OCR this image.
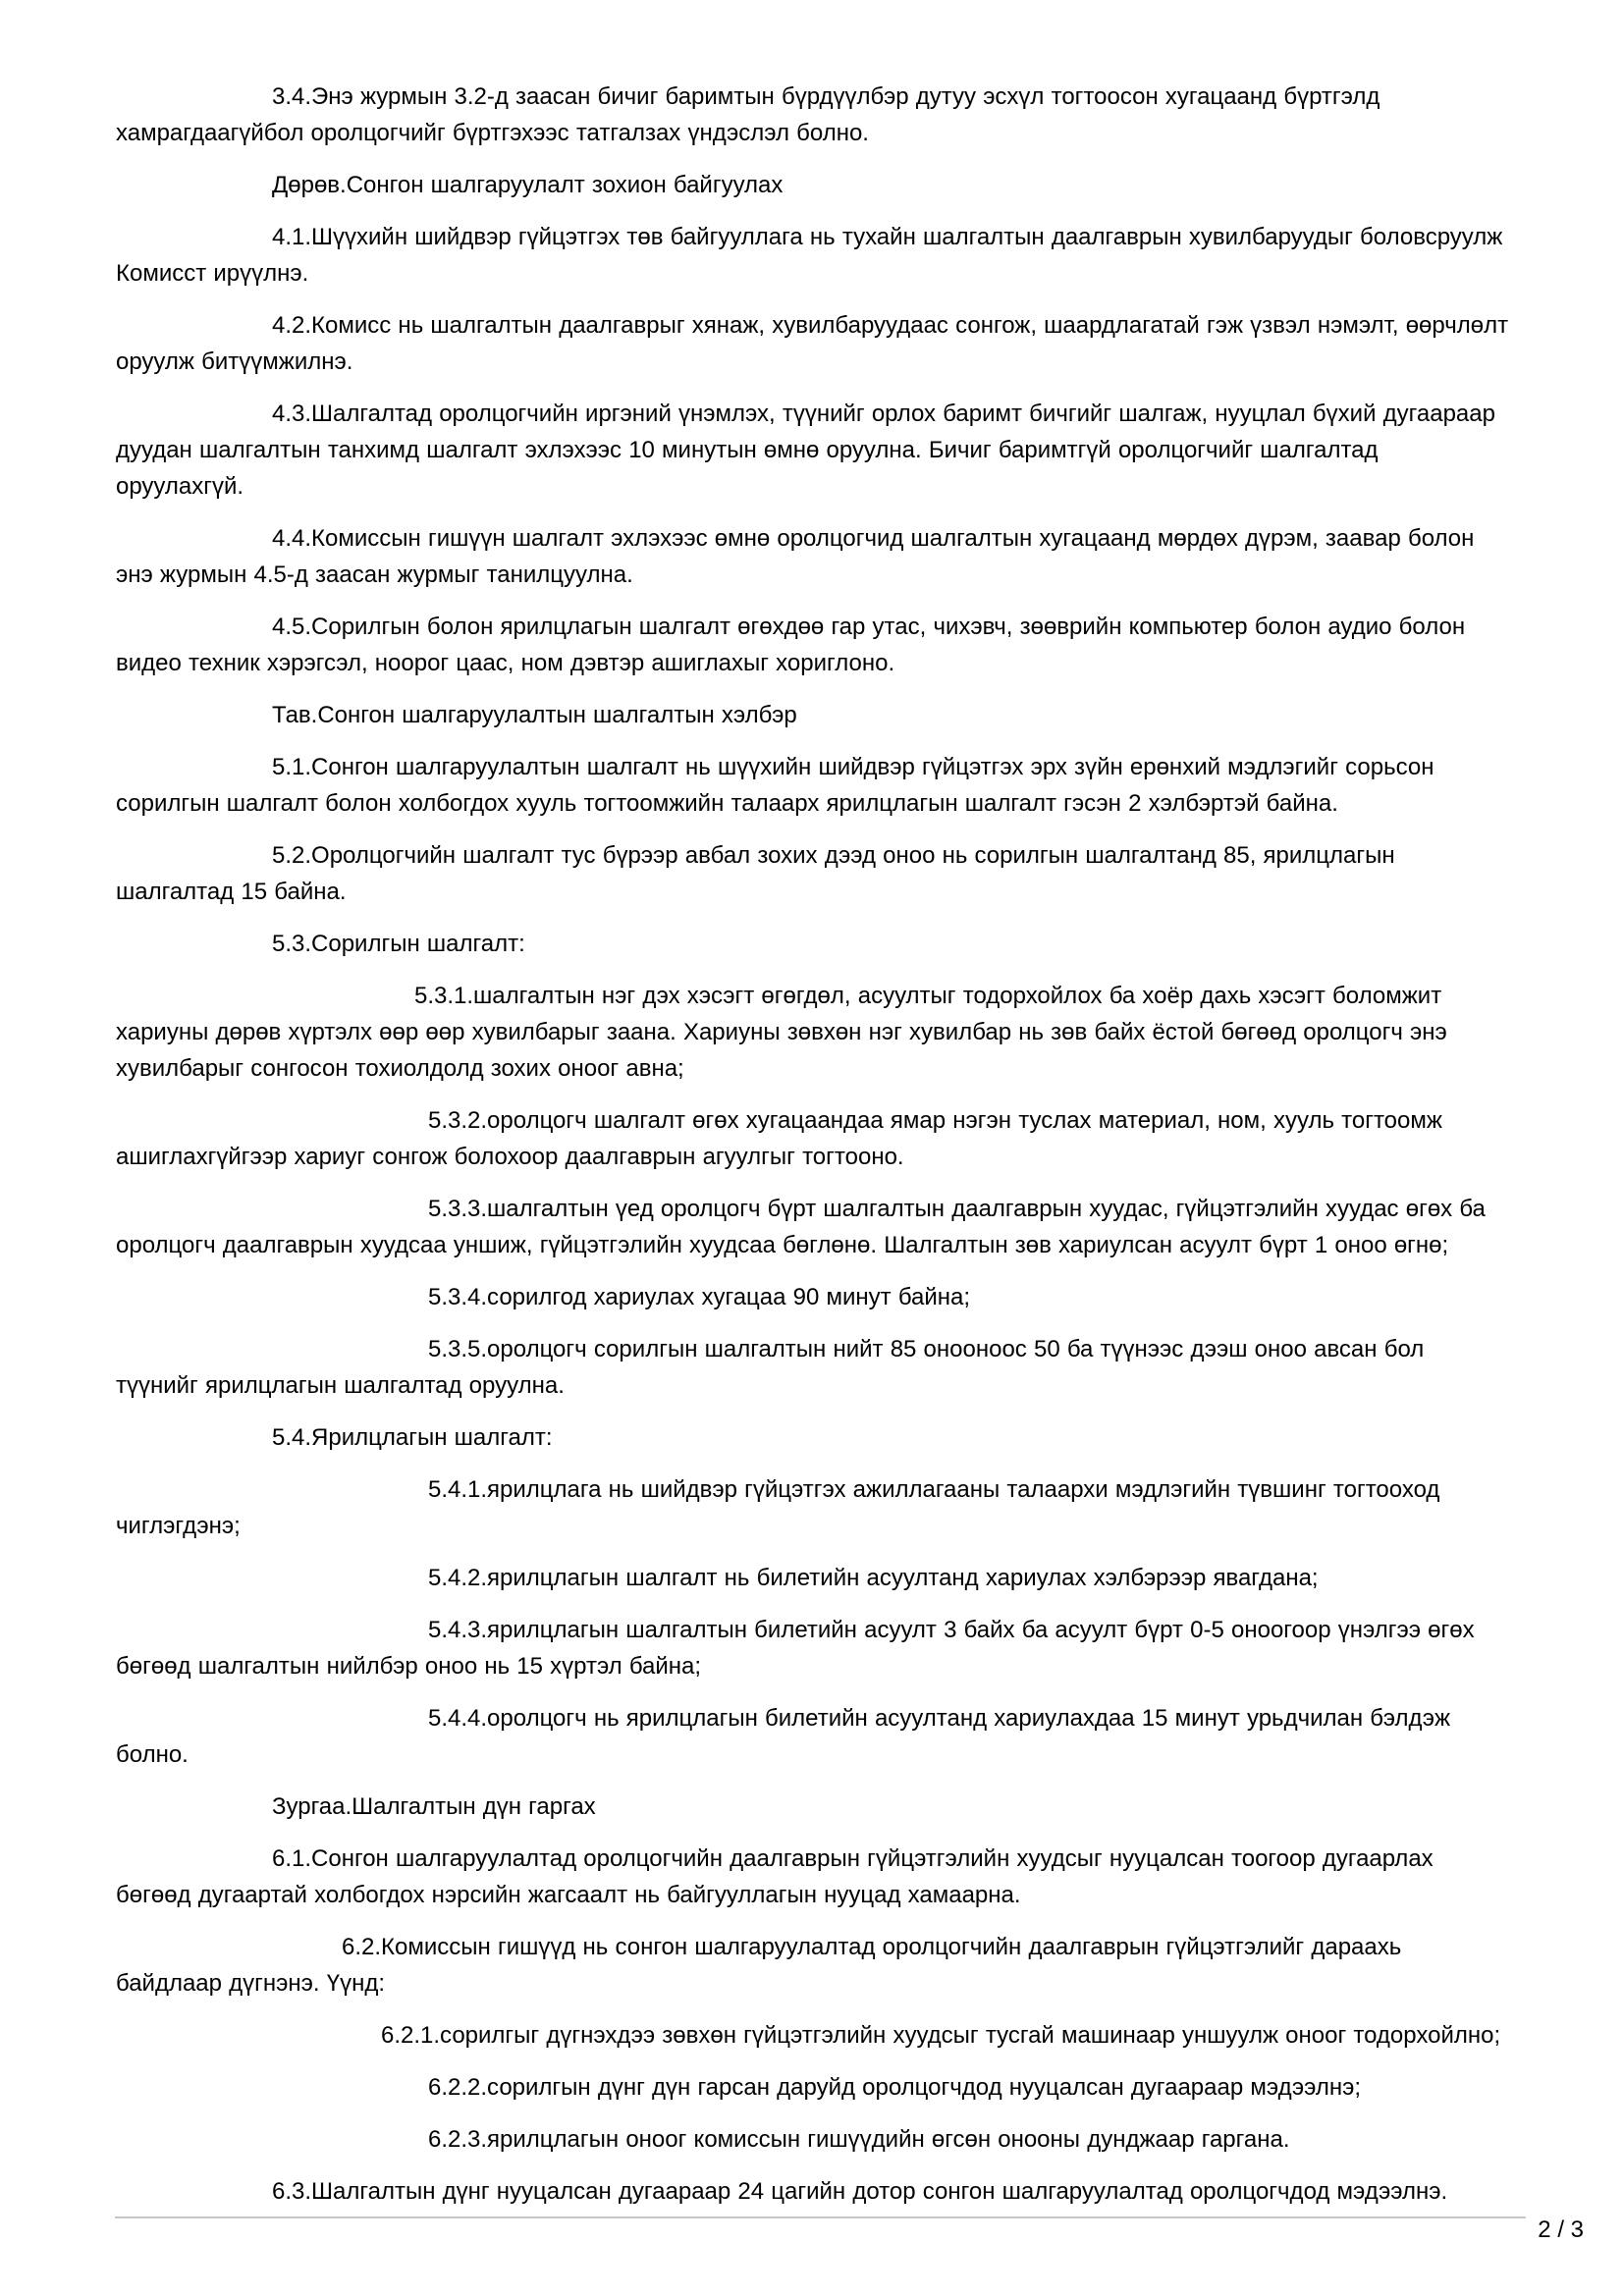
3.4.Энэ журмын 3.2-д заасан бичиг баримтын бүрдүүлбэр дутуу эсхүл тогтоосон хугацаанд бүртгэлд хамрагдаагүйбол оролцогчийг бүртгэхээс татгалзах үндэслэл болно.

Дөрөв.Сонгон шалгаруулалт зохион байгуулах

4.1.Шүүхийн шийдвэр гүйцэтгэх төв байгууллага нь тухайн шалгалтын даалгаврын хувилбаруудыг боловсруулж Комисст ирүүлнэ.

4.2.Комисс нь шалгалтын даалгаврыг хянаж, хувилбаруудаас сонгож, шаардлагатай гэж үзвэл нэмэлт, өөрчлөлт оруулж битүүмжилнэ.

4.3.Шалгалтад оролцогчийн иргэний үнэмлэх, түүнийг орлох баримт бичгийг шалгаж, нууцлал бүхий дугаараар дуудан шалгалтын танхимд шалгалт эхлэхээс 10 минутын өмнө оруулна. Бичиг баримтгүй оролцогчийг шалгалтад оруулахгүй.

4.4.Комиссын гишүүн шалгалт эхлэхээс өмнө оролцогчид шалгалтын хугацаанд мөрдөх дүрэм, заавар болон энэ журмын 4.5-д заасан журмыг танилцуулна.

4.5.Сорилгын болон ярилцлагын шалгалт өгөхдөө гар утас, чихэвч, зөөврийн компьютер болон аудио болон видео техник хэрэгсэл, ноорог цаас, ном дэвтэр ашиглахыг хориглоно.

Тав.Сонгон шалгаруулалтын шалгалтын хэлбэр

5.1.Сонгон шалгаруулалтын шалгалт нь шүүхийн шийдвэр гүйцэтгэх эрх зүйн ерөнхий мэдлэгийг сорьсон сорилгын шалгалт болон холбогдох хууль тогтоомжийн талаарх ярилцлагын шалгалт гэсэн 2 хэлбэртэй байна.

5.2.Оролцогчийн шалгалт тус бүрээр авбал зохих дээд оноо нь сорилгын шалгалтанд 85, ярилцлагын шалгалтад 15 байна.

5.3.Сорилгын шалгалт:

5.3.1.шалгалтын нэг дэх хэсэгт өгөгдөл, асуултыг тодорхойлох ба хоёр дахь хэсэгт боломжит хариуны дөрөв хүртэлх өөр өөр хувилбарыг заана. Хариуны зөвхөн нэг хувилбар нь зөв байх ёстой бөгөөд оролцогч энэ хувилбарыг сонгосон тохиолдолд зохих оноог авна;

5.3.2.оролцогч шалгалт өгөх хугацаандаа ямар нэгэн туслах материал, ном, хууль тогтоомж ашиглахгүйгээр хариуг сонгож болохоор даалгаврын агуулгыг тогтооно.

5.3.3.шалгалтын үед оролцогч бүрт шалгалтын даалгаврын хуудас, гүйцэтгэлийн хуудас өгөх ба оролцогч даалгаврын хуудсаа уншиж, гүйцэтгэлийн хуудсаа бөглөнө. Шалгалтын зөв хариулсан асуулт бүрт 1 оноо өгнө;

5.3.4.сорилгод хариулах хугацаа 90 минут байна;

5.3.5.оролцогч сорилгын шалгалтын нийт 85 онооноос 50 ба түүнээс дээш оноо авсан бол түүнийг ярилцлагын шалгалтад оруулна.

5.4.Ярилцлагын шалгалт:

5.4.1.ярилцлага нь шийдвэр гүйцэтгэх ажиллагааны талаархи мэдлэгийн түвшинг тогтооход чиглэгдэнэ;

5.4.2.ярилцлагын шалгалт нь билетийн асуултанд хариулах хэлбэрээр явагдана;

5.4.3.ярилцлагын шалгалтын билетийн асуулт 3 байх ба асуулт бүрт 0-5 оноогоор үнэлгээ өгөх бөгөөд шалгалтын нийлбэр оноо нь 15 хүртэл байна;

5.4.4.оролцогч нь ярилцлагын билетийн асуултанд хариулахдаа 15 минут урьдчилан бэлдэж болно.

Зургаа.Шалгалтын дүн гаргах

6.1.Сонгон шалгаруулалтад оролцогчийн даалгаврын гүйцэтгэлийн хуудсыг нууцалсан тоогоор дугаарлах бөгөөд дугаартай холбогдох нэрсийн жагсаалт нь байгууллагын нууцад хамаарна.

6.2.Комиссын гишүүд нь сонгон шалгаруулалтад оролцогчийн даалгаврын гүйцэтгэлийг дараахь байдлаар дүгнэнэ. Үүнд:

6.2.1.сорилгыг дүгнэхдээ зөвхөн гүйцэтгэлийн хуудсыг тусгай машинаар уншуулж оноог тодорхойлно;

6.2.2.сорилгын дүнг дүн гарсан даруйд оролцогчдод нууцалсан дугаараар мэдээлнэ;

6.2.3.ярилцлагын оноог комиссын гишүүдийн өгсөн онооны дунджаар гаргана.

6.3.Шалгалтын дүнг нууцалсан дугаараар 24 цагийн дотор сонгон шалгаруулалтад оролцогчдод мэдээлнэ.

2 / 3
